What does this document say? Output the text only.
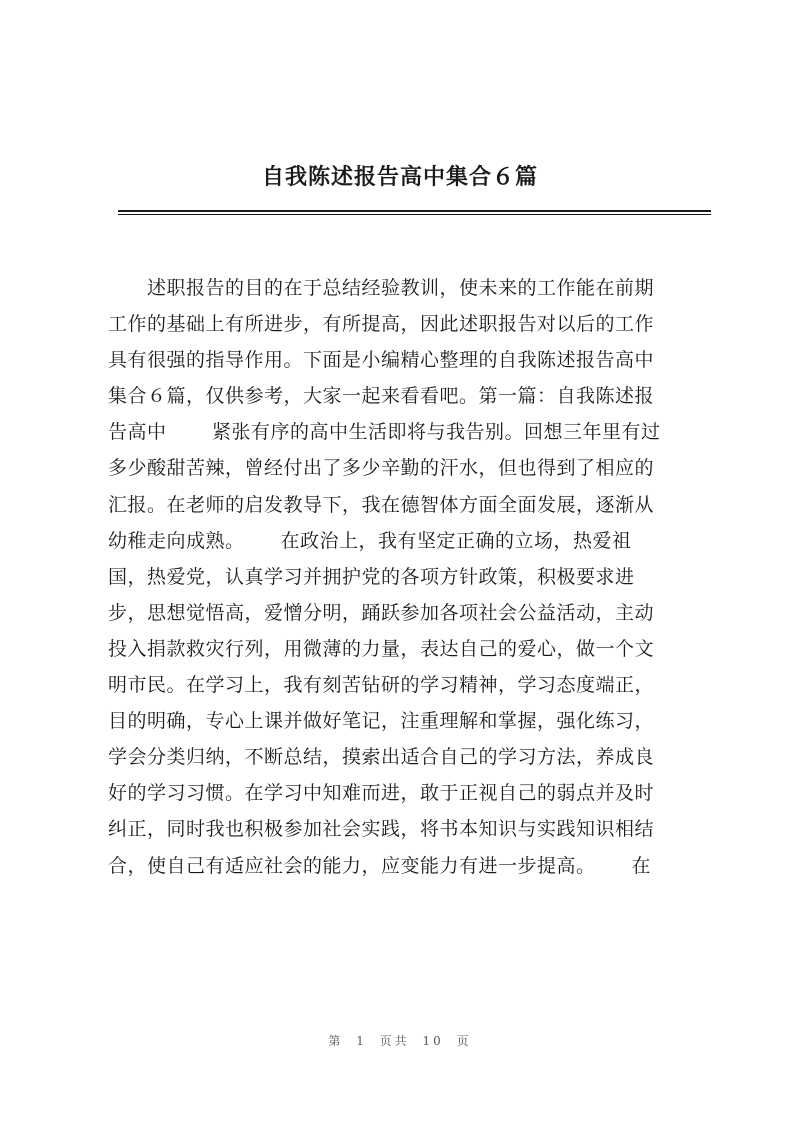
自我陈述报告高中集合６篇
　　述职报告的目的在于总结经验教训，使未来的工作能在前期
工作的基础上有所进步，有所提高，因此述职报告对以后的工作
具有很强的指导作用。下面是小编精心整理的自我陈述报告高中
集合６篇，仅供参考，大家一起来看看吧。第一篇：自我陈述报
告高中　　 紧张有序的高中生活即将与我告别。回想三年里有过
多少酸甜苦辣，曾经付出了多少辛勤的汗水，但也得到了相应的
汇报。在老师的启发教导下，我在德智体方面全面发展，逐渐从
幼稚走向成熟。　　 在政治上，我有坚定正确的立场，热爱祖
国，热爱党，认真学习并拥护党的各项方针政策，积极要求进
步，思想觉悟高，爱憎分明，踊跃参加各项社会公益活动，主动
投入捐款救灾行列，用微薄的力量，表达自己的爱心，做一个文
明市民。在学习上，我有刻苦钻研的学习精神，学习态度端正，
目的明确，专心上课并做好笔记，注重理解和掌握，强化练习，
学会分类归纳，不断总结，摸索出适合自己的学习方法，养成良
好的学习习惯。在学习中知难而进，敢于正视自己的弱点并及时
纠正，同时我也积极参加社会实践，将书本知识与实践知识相结
合，使自己有适应社会的能力，应变能力有进一步提高。　　 在
第 1 页共 10 页
